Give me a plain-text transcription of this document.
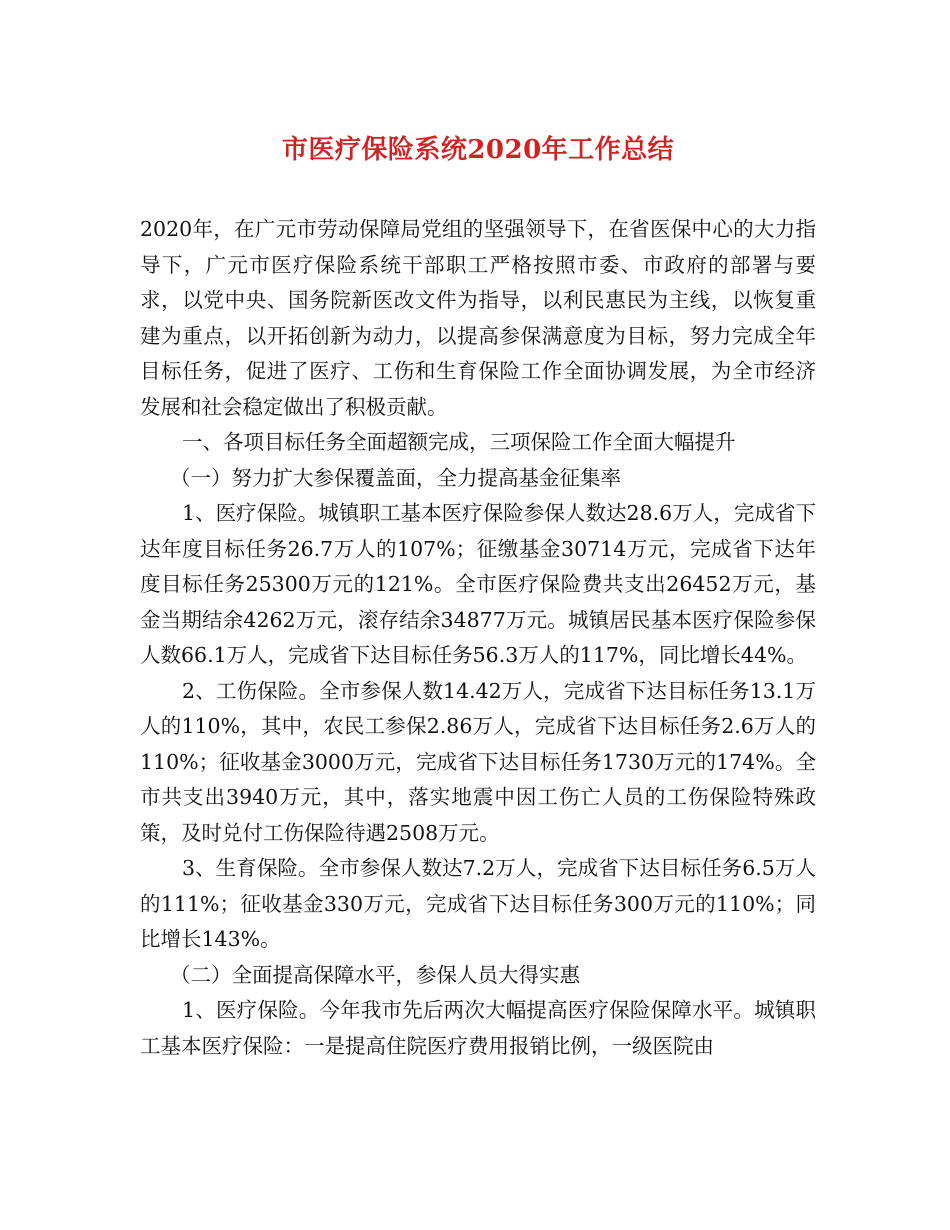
市医疗保险系统2020年工作总结

2020年，在广元市劳动保障局党组的坚强领导下，在省医保中心的大力指导下，广元市医疗保险系统干部职工严格按照市委、市政府的部署与要求，以党中央、国务院新医改文件为指导，以利民惠民为主线，以恢复重建为重点，以开拓创新为动力，以提高参保满意度为目标，努力完成全年目标任务，促进了医疗、工伤和生育保险工作全面协调发展，为全市经济发展和社会稳定做出了积极贡献。

一、各项目标任务全面超额完成，三项保险工作全面大幅提升

（一）努力扩大参保覆盖面，全力提高基金征集率

1、医疗保险。城镇职工基本医疗保险参保人数达28.6万人，完成省下达年度目标任务26.7万人的107%；征缴基金30714万元，完成省下达年度目标任务25300万元的121%。全市医疗保险费共支出26452万元，基金当期结余4262万元，滚存结余34877万元。城镇居民基本医疗保险参保人数66.1万人，完成省下达目标任务56.3万人的117%，同比增长44%。

2、工伤保险。全市参保人数14.42万人，完成省下达目标任务13.1万人的110%，其中，农民工参保2.86万人，完成省下达目标任务2.6万人的110%；征收基金3000万元，完成省下达目标任务1730万元的174%。全市共支出3940万元，其中，落实地震中因工伤亡人员的工伤保险特殊政策，及时兑付工伤保险待遇2508万元。

3、生育保险。全市参保人数达7.2万人，完成省下达目标任务6.5万人的111%；征收基金330万元，完成省下达目标任务300万元的110%；同比增长143%。

（二）全面提高保障水平，参保人员大得实惠

1、医疗保险。今年我市先后两次大幅提高医疗保险保障水平。城镇职工基本医疗保险：一是提高住院医疗费用报销比例，一级医院由
